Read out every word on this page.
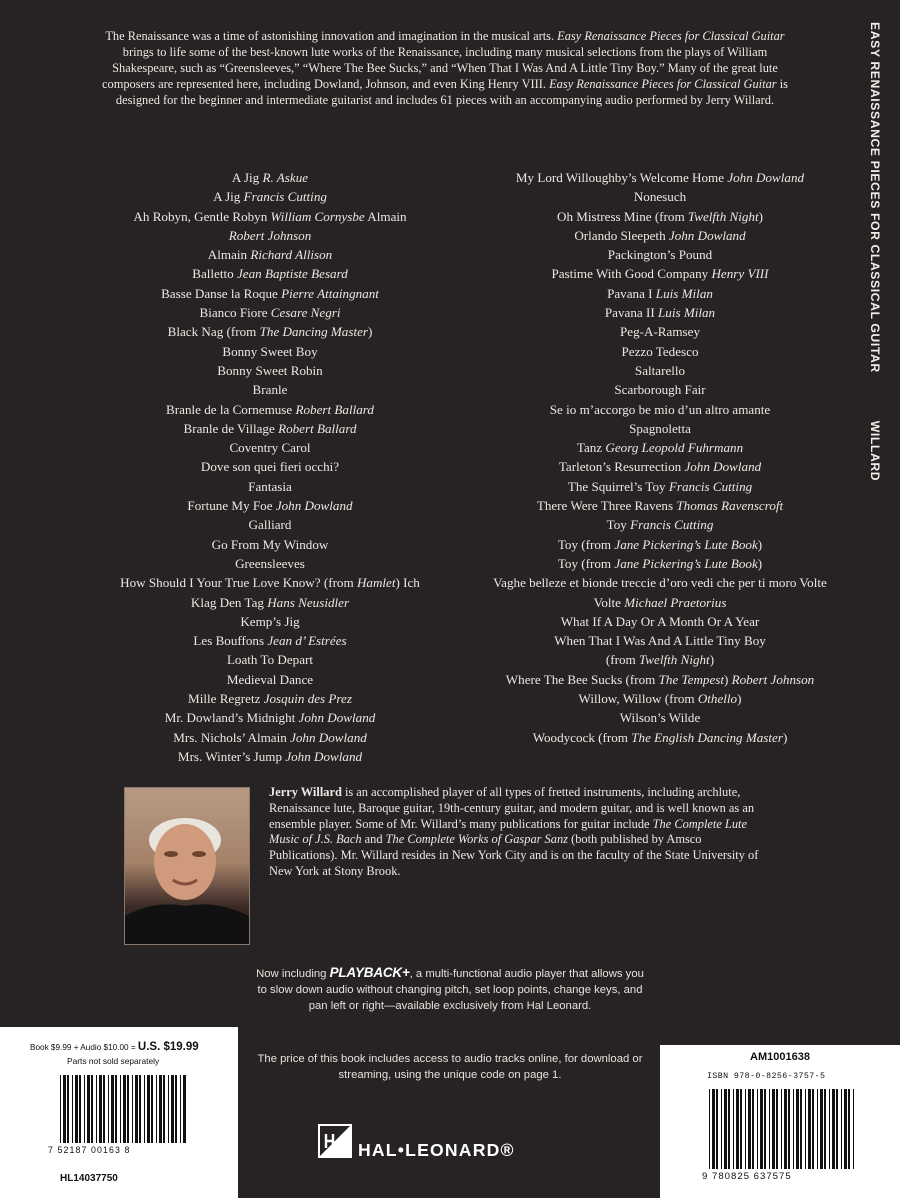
EASY RENAISSANCE PIECES FOR CLASSICAL GUITARWILLARD

The Renaissance was a time of astonishing innovation and imagination in the musical arts. Easy Renaissance Pieces for Classical Guitar brings to life some of the best-known lute works of the Renaissance, including many musical selections from the plays of William Shakespeare, such as “Greensleeves,” “Where The Bee Sucks,” and “When That I Was And A Little Tiny Boy.” Many of the great lute composers are represented here, including Dowland, Johnson, and even King Henry VIII. Easy Renaissance Pieces for Classical Guitar is designed for the beginner and intermediate guitarist and includes 61 pieces with an accompanying audio performed by Jerry Willard.

A Jig R. Askue
A Jig Francis Cutting
Ah Robyn, Gentle Robyn William Cornysbe Almain
Robert Johnson
Almain Richard Allison
Balletto Jean Baptiste Besard
Basse Danse la Roque Pierre Attaingnant
Bianco Fiore Cesare Negri
Black Nag (from The Dancing Master)
Bonny Sweet Boy
Bonny Sweet Robin
Branle
Branle de la Cornemuse Robert Ballard
Branle de Village Robert Ballard
Coventry Carol
Dove son quei fieri occhi?
Fantasia
Fortune My Foe John Dowland
Galliard
Go From My Window
Greensleeves
How Should I Your True Love Know? (from Hamlet) Ich
Klag Den Tag Hans Neusidler
Kemp’s Jig
Les Bouffons Jean d’ Estrées
Loath To Depart
Medieval Dance
Mille Regretz Josquin des Prez
Mr. Dowland’s Midnight John Dowland
Mrs. Nichols’ Almain John Dowland
Mrs. Winter’s Jump John Dowland
My Lord Willoughby’s Welcome Home John Dowland
Nonesuch
Oh Mistress Mine (from Twelfth Night)
Orlando Sleepeth John Dowland
Packington’s Pound
Pastime With Good Company Henry VIII
Pavana I Luis Milan
Pavana II Luis Milan
Peg-A-Ramsey
Pezzo Tedesco
Saltarello
Scarborough Fair
Se io m’accorgo be mio d’un altro amante
Spagnoletta
Tanz Georg Leopold Fuhrmann
Tarleton’s Resurrection John Dowland
The Squirrel’s Toy Francis Cutting
There Were Three Ravens Thomas Ravenscroft
Toy Francis Cutting
Toy (from Jane Pickering’s Lute Book)
Toy (from Jane Pickering’s Lute Book)
Vaghe belleze et bionde treccie d’oro vedi che per ti moro Volte
Volte Michael Praetorius
What If A Day Or A Month Or A Year
When That I Was And A Little Tiny Boy
(from Twelfth Night)
Where The Bee Sucks (from The Tempest) Robert Johnson
Willow, Willow (from Othello)
Wilson’s Wilde
Woodycock (from The English Dancing Master)

Jerry Willard is an accomplished player of all types of fretted instruments, including archlute, Renaissance lute, Baroque guitar, 19th-century guitar, and modern guitar, and is well known as an ensemble player. Some of Mr. Willard’s many publications for guitar include The Complete Lute Music of J.S. Bach and The Complete Works of Gaspar Sanz (both published by Amsco Publications). Mr. Willard resides in New York City and is on the faculty of the State University of New York at Stony Brook.

Now including PLAYBACK+, a multi-functional audio player that allows you to slow down audio without changing pitch, set loop points, change keys, and pan left or right—available exclusively from Hal Leonard.
The price of this book includes access to audio tracks online, for download or streaming, using the unique code on page 1.
Book $9.99 + Audio $10.00 = U.S. $19.99
Parts not sold separately
7 52187 00163 8
HL14037750
AM1001638
ISBN 978-0-8256-3757-5
9 780825 637575
HAL•LEONARD®
